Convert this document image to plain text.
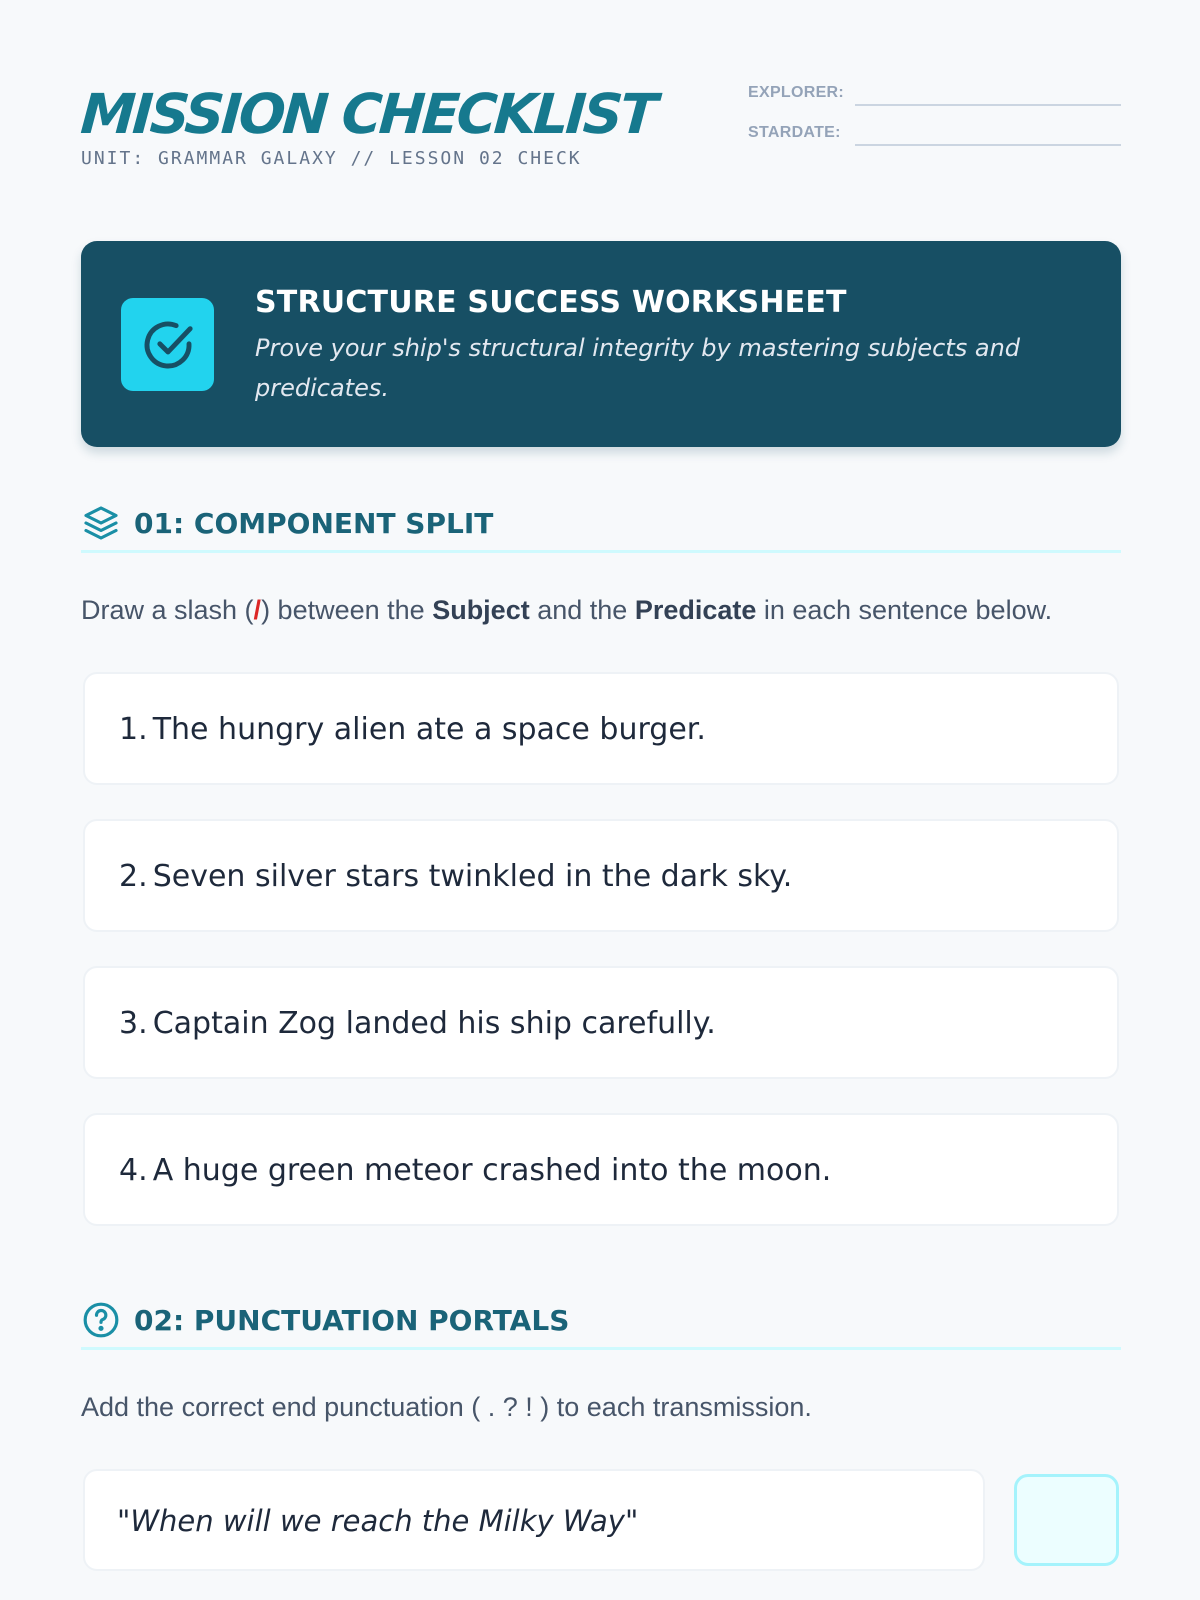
MISSION CHECKLIST
UNIT: GRAMMAR GALAXY // LESSON 02 CHECK
EXPLORER:
STARDATE:
STRUCTURE SUCCESS WORKSHEET
Prove your ship's structural integrity by mastering subjects and predicates.
01: COMPONENT SPLIT
Draw a slash (/) between the Subject and the Predicate in each sentence below.
1. The hungry alien ate a space burger.
2. Seven silver stars twinkled in the dark sky.
3. Captain Zog landed his ship carefully.
4. A huge green meteor crashed into the moon.
02: PUNCTUATION PORTALS
Add the correct end punctuation ( . ? ! ) to each transmission.
"When will we reach the Milky Way"
